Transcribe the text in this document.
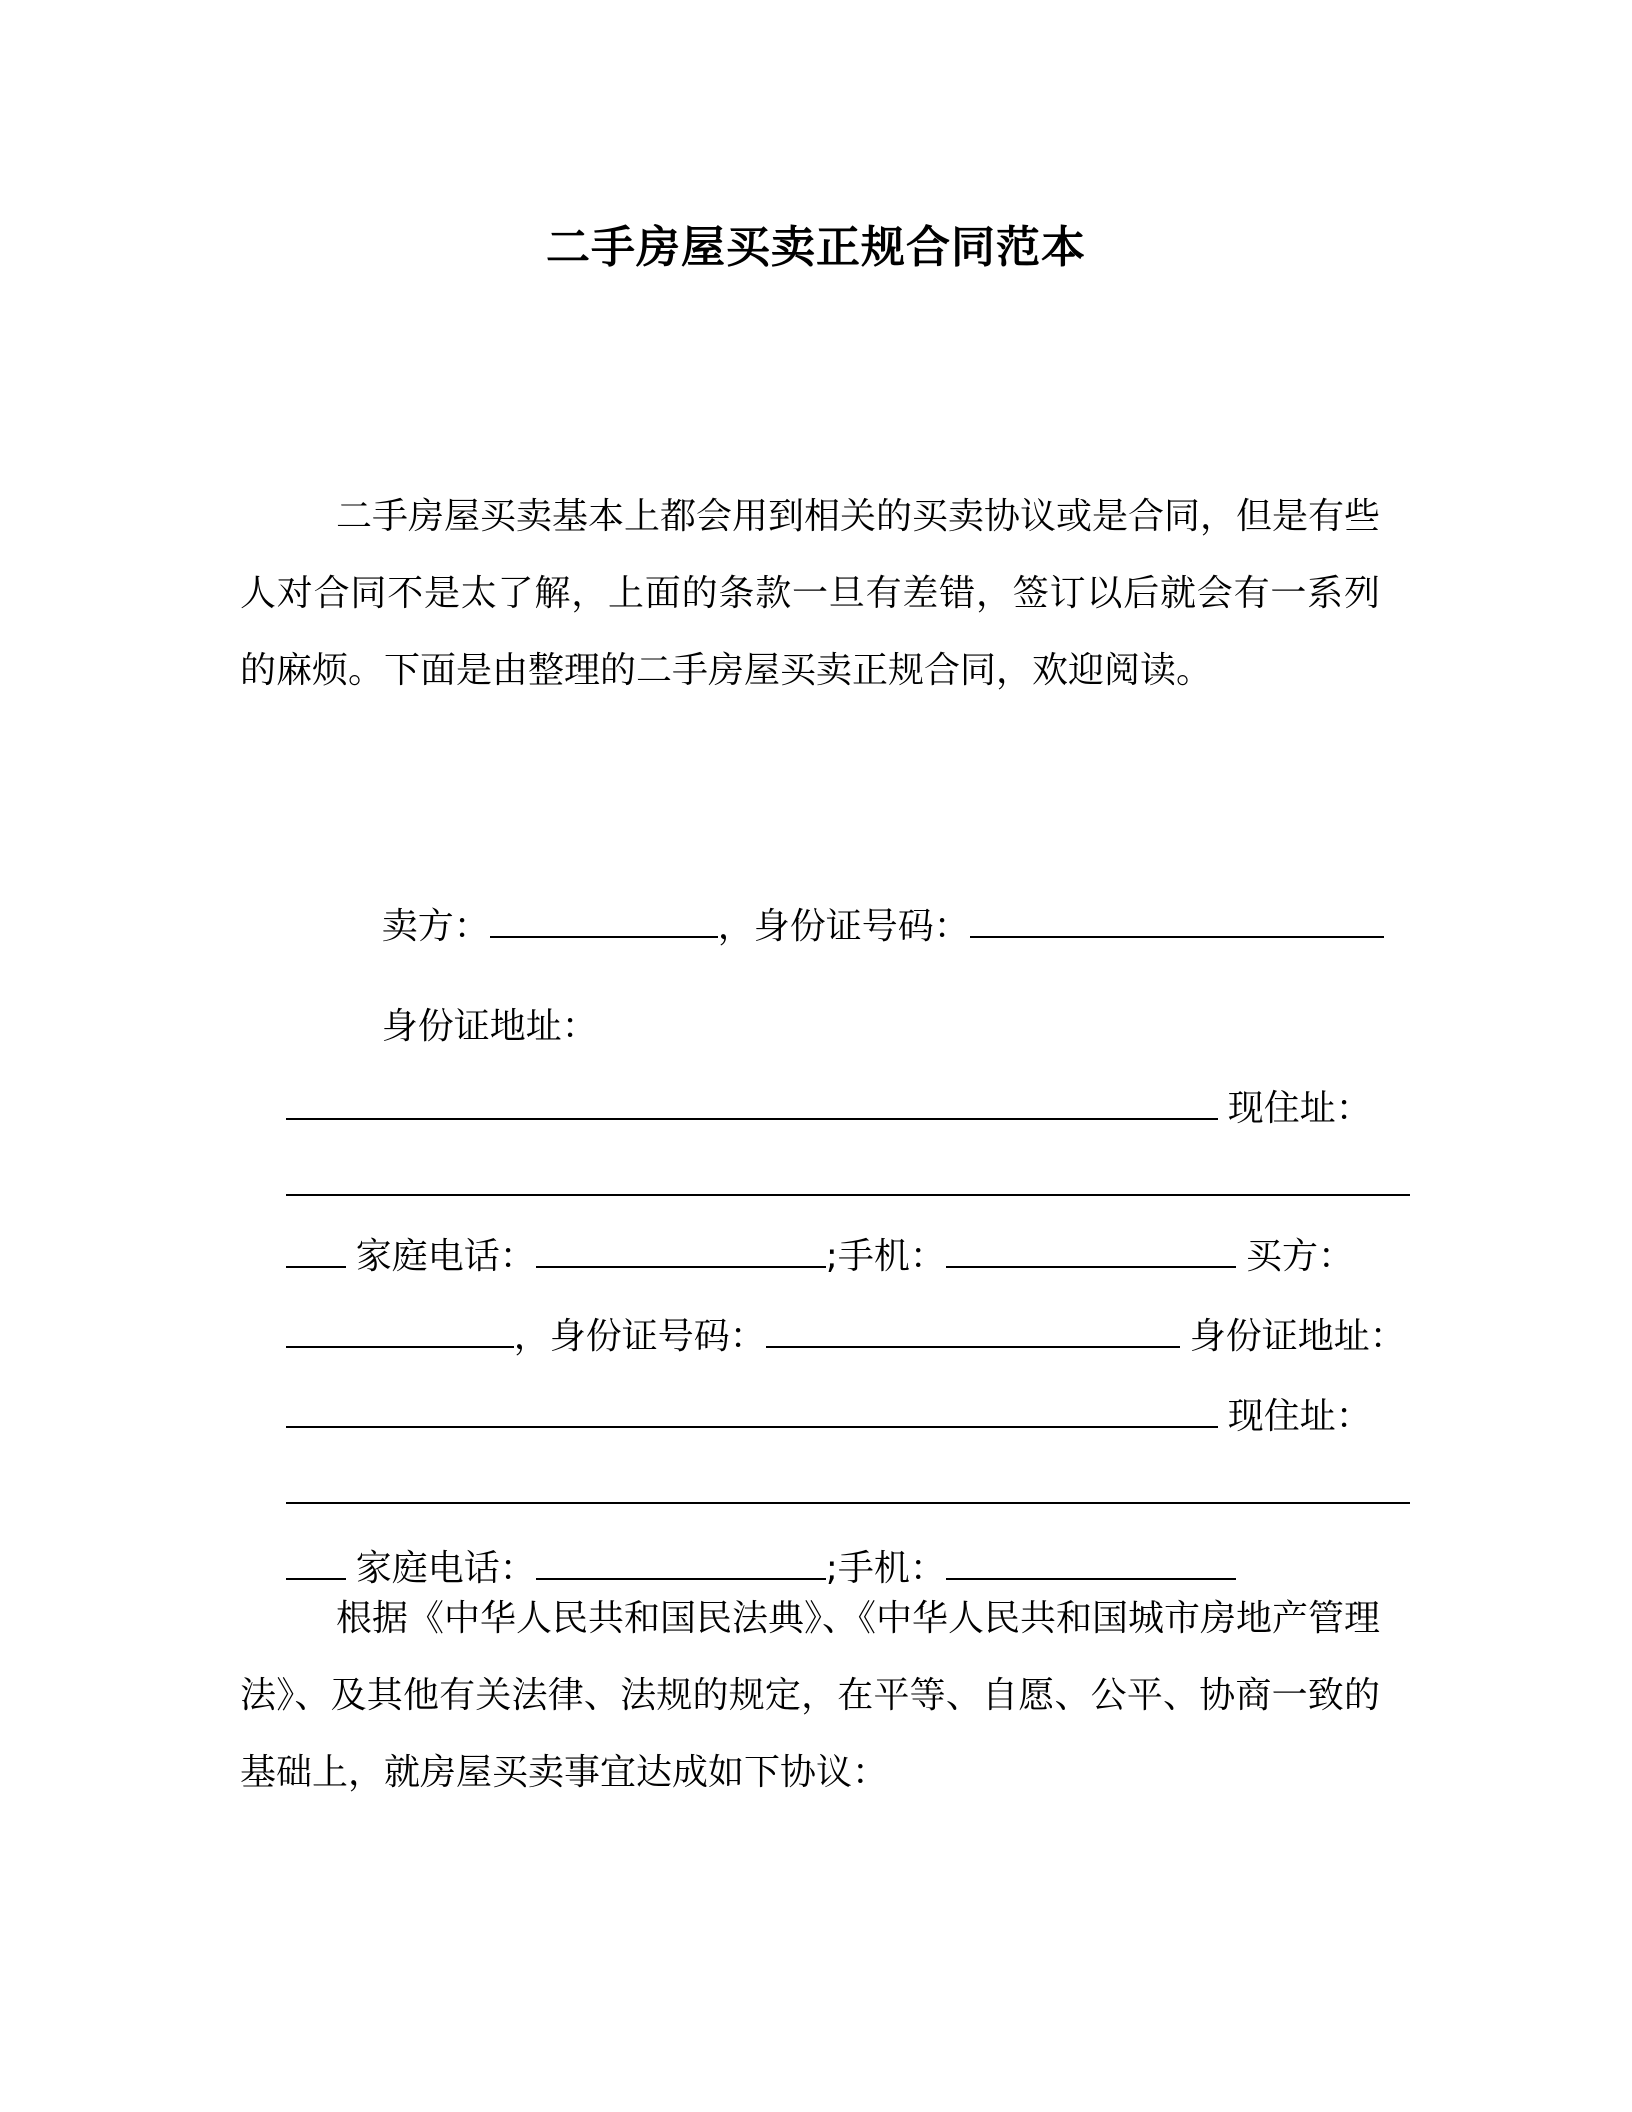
二手房屋买卖正规合同范本
二手房屋买卖基本上都会用到相关的买卖协议或是合同，但是有些人对合同不是太了解，上面的条款一旦有差错，签订以后就会有一系列的麻烦。下面是由整理的二手房屋买卖正规合同，欢迎阅读。

卖方：	，身份证号码：

身份证地址：

现住址：

家庭电话：	;手机：	买方：

，身份证号码：	身份证地址：

现住址：

家庭电话：	;手机：

根据《中华人民共和国民法典》、《中华人民共和国城市房地产管理法》、及其他有关法律、法规的规定，在平等、自愿、公平、协商一致的基础上，就房屋买卖事宜达成如下协议：
